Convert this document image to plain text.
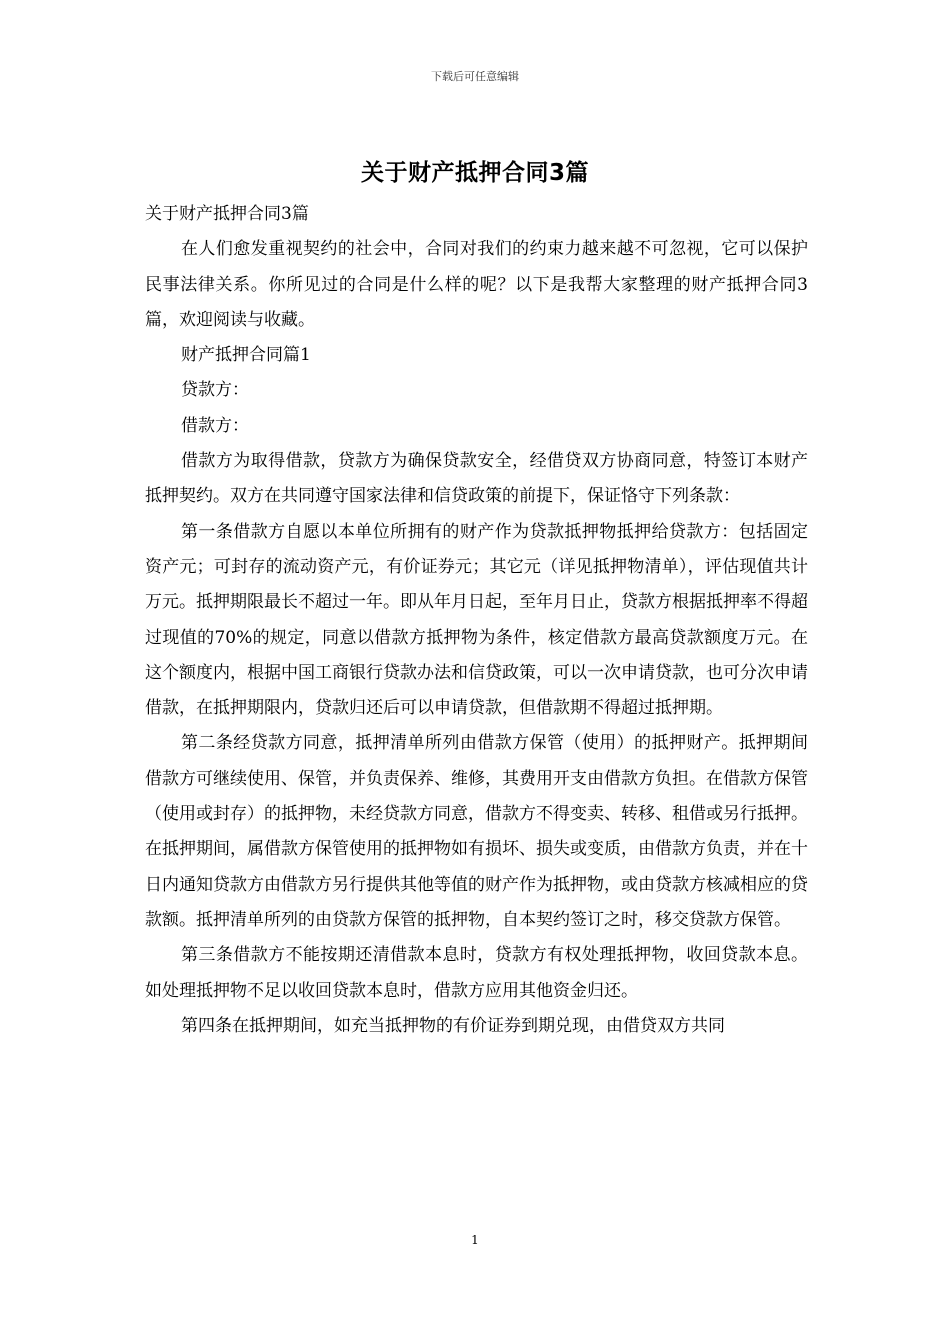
下载后可任意编辑
关于财产抵押合同3篇

关于财产抵押合同3篇

在人们愈发重视契约的社会中，合同对我们的约束力越来越不可忽视，它可以保护民事法律关系。你所见过的合同是什么样的呢？以下是我帮大家整理的财产抵押合同3篇，欢迎阅读与收藏。

财产抵押合同篇1

贷款方：

借款方：

借款方为取得借款，贷款方为确保贷款安全，经借贷双方协商同意，特签订本财产抵押契约。双方在共同遵守国家法律和信贷政策的前提下，保证恪守下列条款：

第一条借款方自愿以本单位所拥有的财产作为贷款抵押物抵押给贷款方：包括固定资产元；可封存的流动资产元，有价证券元；其它元（详见抵押物清单），评估现值共计万元。抵押期限最长不超过一年。即从年月日起，至年月日止，贷款方根据抵押率不得超过现值的70%的规定，同意以借款方抵押物为条件，核定借款方最高贷款额度万元。在这个额度内，根据中国工商银行贷款办法和信贷政策，可以一次申请贷款，也可分次申请借款，在抵押期限内，贷款归还后可以申请贷款，但借款期不得超过抵押期。

第二条经贷款方同意，抵押清单所列由借款方保管（使用）的抵押财产。抵押期间借款方可继续使用、保管，并负责保养、维修，其费用开支由借款方负担。在借款方保管（使用或封存）的抵押物，未经贷款方同意，借款方不得变卖、转移、租借或另行抵押。在抵押期间，属借款方保管使用的抵押物如有损坏、损失或变质，由借款方负责，并在十日内通知贷款方由借款方另行提供其他等值的财产作为抵押物，或由贷款方核减相应的贷款额。抵押清单所列的由贷款方保管的抵押物，自本契约签订之时，移交贷款方保管。

第三条借款方不能按期还清借款本息时，贷款方有权处理抵押物，收回贷款本息。如处理抵押物不足以收回贷款本息时，借款方应用其他资金归还。

第四条在抵押期间，如充当抵押物的有价证券到期兑现，由借贷双方共同

1
